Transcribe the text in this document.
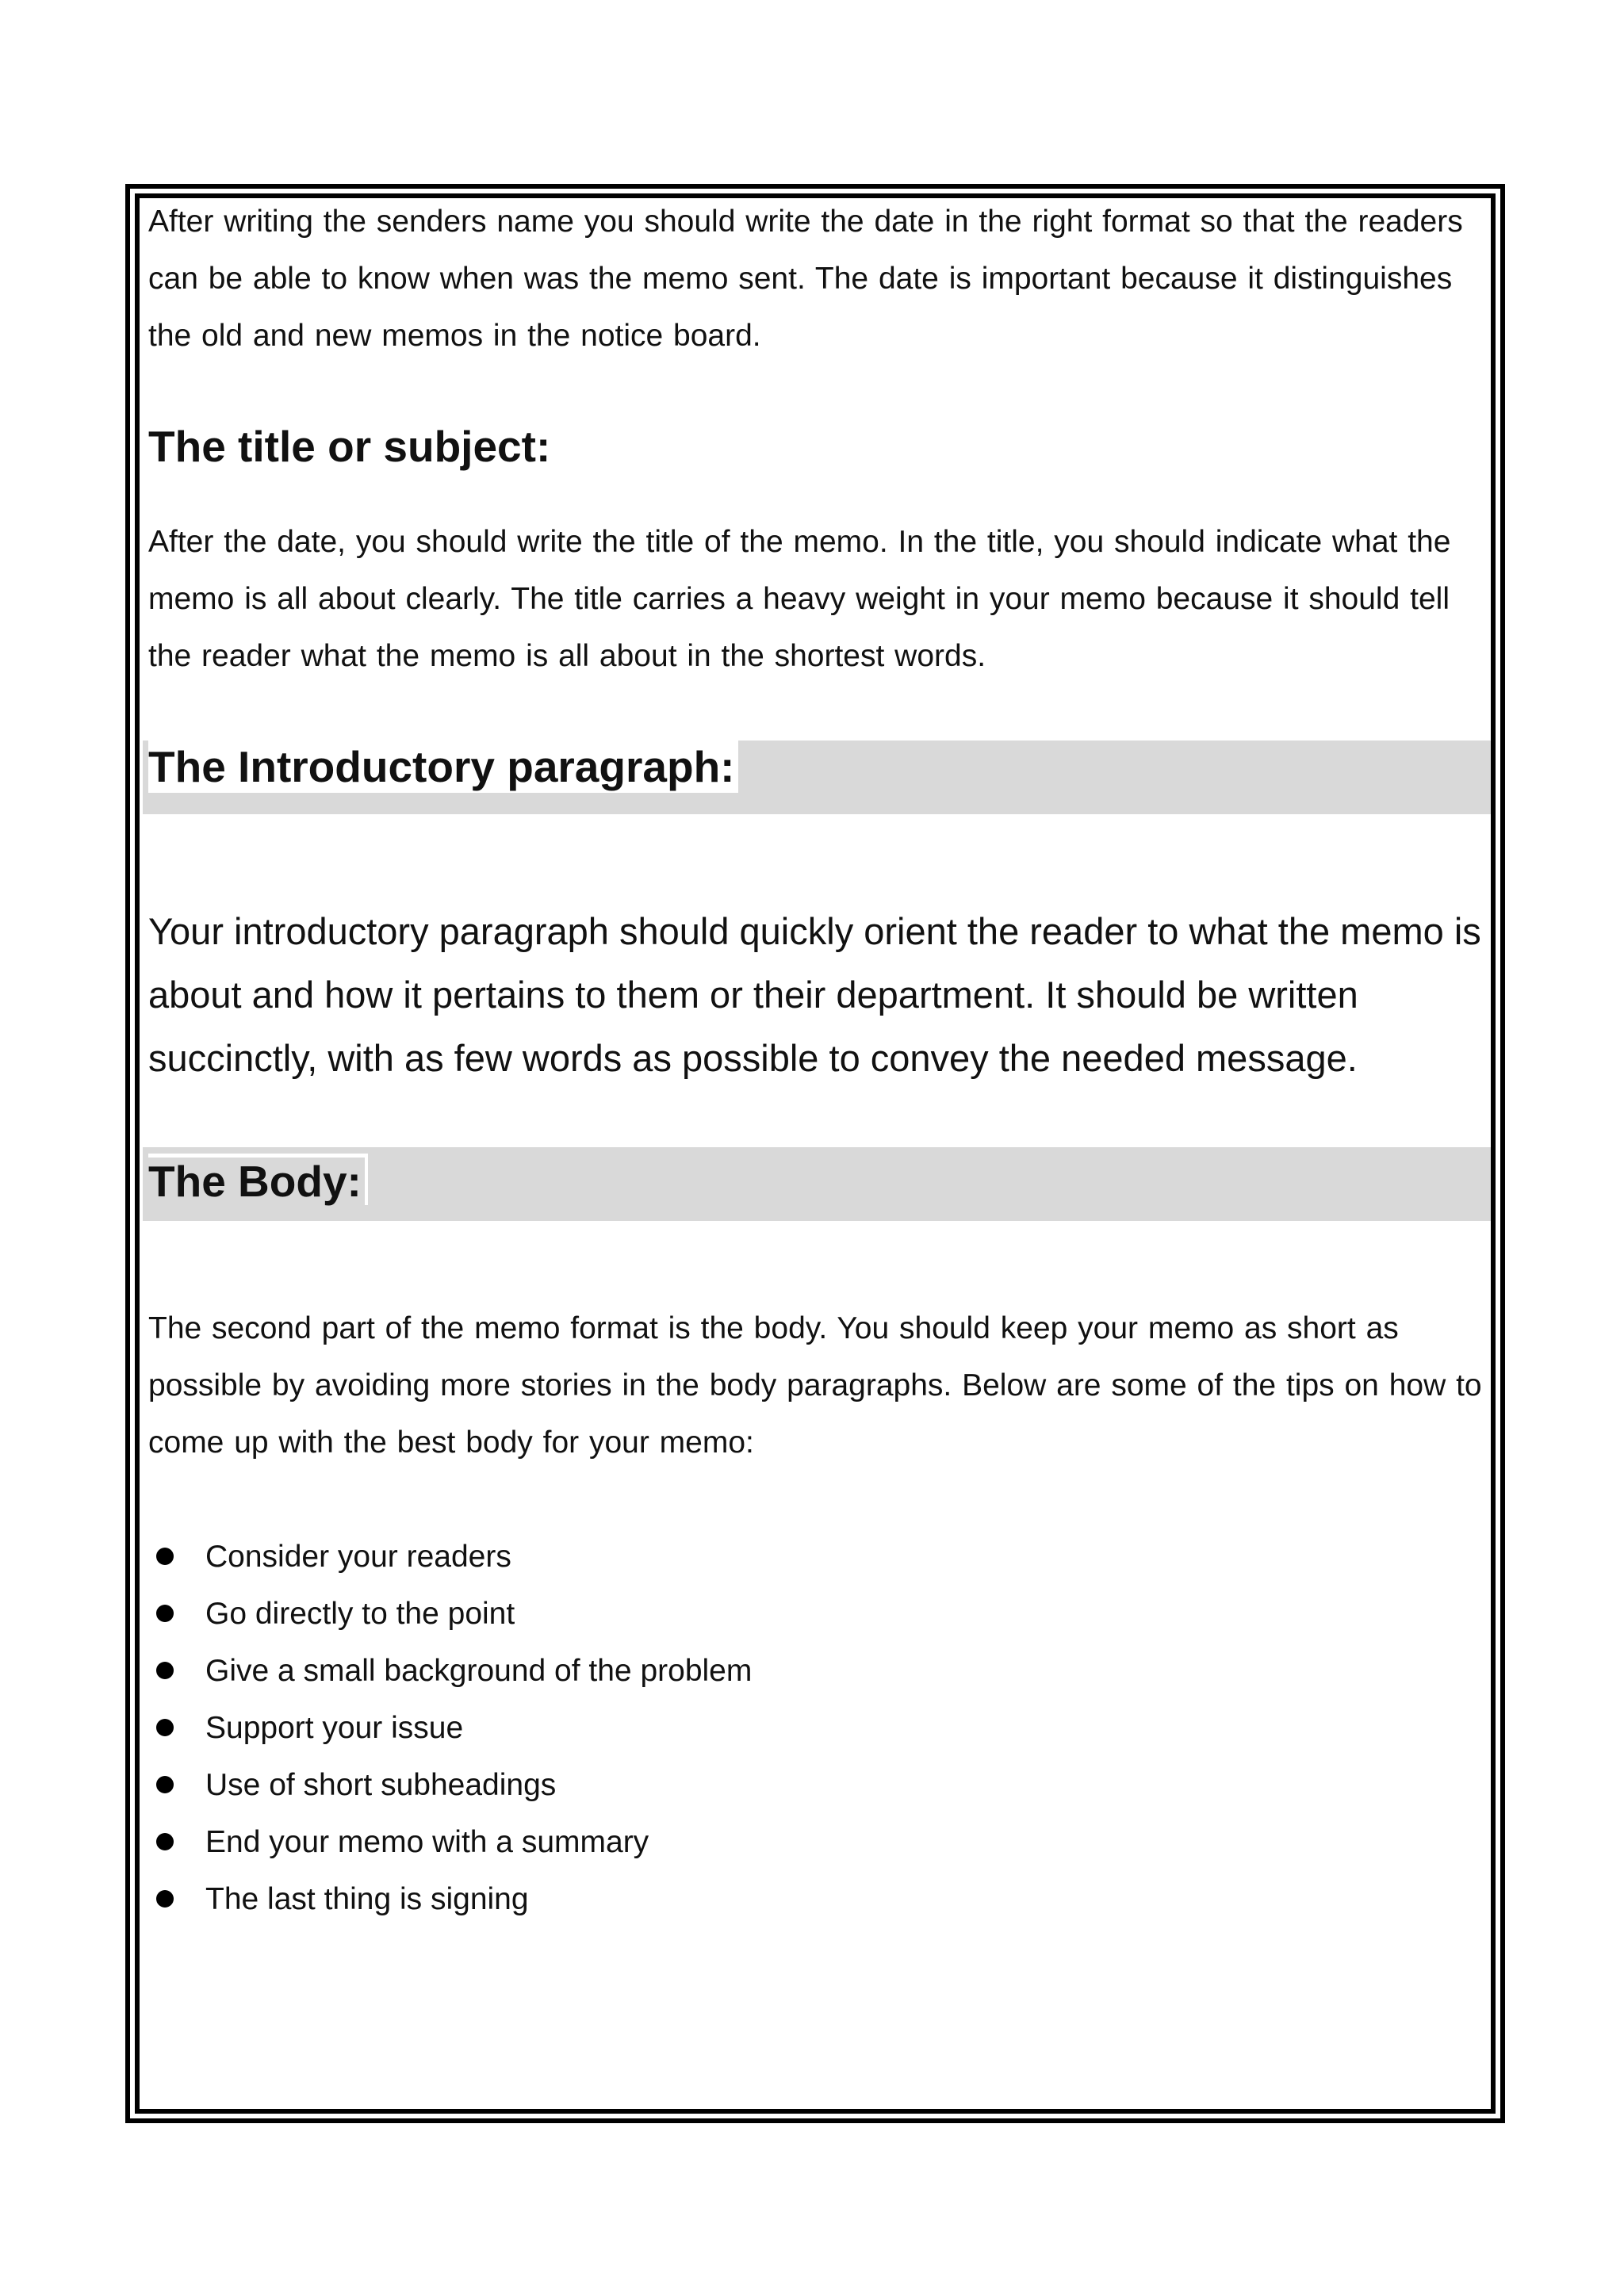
After writing the senders name you should write the date in the right format so that the readers can be able to know when was the memo sent. The date is important because it distinguishes the old and new memos in the notice board.

The title or subject:

After the date, you should write the title of the memo. In the title, you should indicate what the memo is all about clearly. The title carries a heavy weight in your memo because it should tell the reader what the memo is all about in the shortest words.

The Introductory paragraph:

Your introductory paragraph should quickly orient the reader to what the memo is about and how it pertains to them or their department. It should be written succinctly, with as few words as possible to convey the needed message.

The Body:

The second part of the memo format is the body. You should keep your memo as short as possible by avoiding more stories in the body paragraphs. Below are some of the tips on how to come up with the best body for your memo:

Consider your readers
Go directly to the point
Give a small background of the problem
Support your issue
Use of short subheadings
End your memo with a summary
The last thing is signing
